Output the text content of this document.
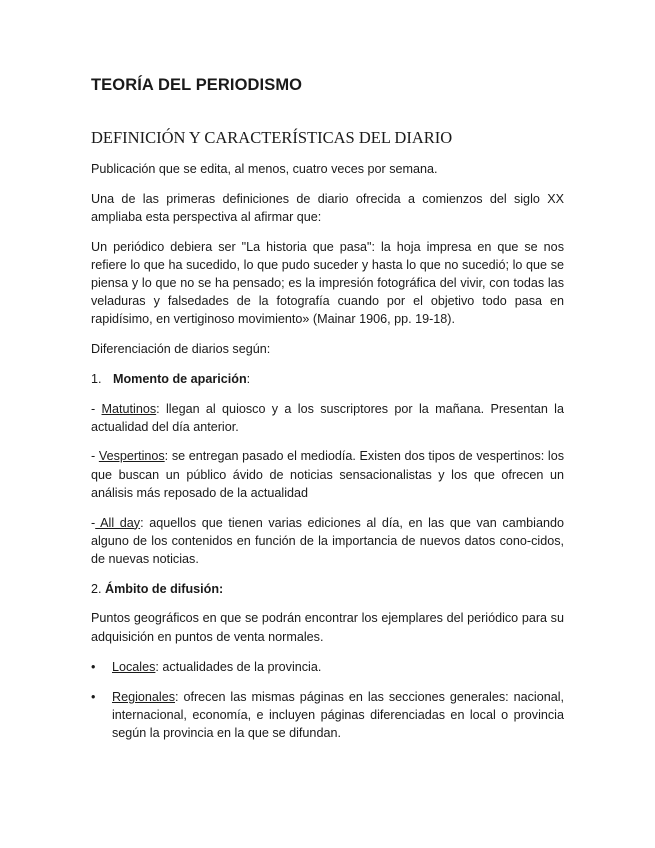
TEORÍA DEL PERIODISMO
DEFINICIÓN Y CARACTERÍSTICAS DEL DIARIO

Publicación que se edita, al menos, cuatro veces por semana.

Una de las primeras definiciones de diario ofrecida a comienzos del siglo XX ampliaba esta perspectiva al afirmar que:

Un periódico debiera ser "La historia que pasa": la hoja impresa en que se nos refiere lo que ha sucedido, lo que pudo suceder y hasta lo que no sucedió; lo que se piensa y lo que no se ha pensado; es la impresión fotográfica del vivir, con todas las veladuras y falsedades de la fotografía cuando por el objetivo todo pasa en rapidísimo, en vertiginoso movimiento» (Mainar 1906, pp. 19-18).

Diferenciación de diarios según:

1. Momento de aparición:

- Matutinos: llegan al quiosco y a los suscriptores por la mañana. Presentan la actualidad del día anterior.

- Vespertinos: se entregan pasado el mediodía. Existen dos tipos de vespertinos: los que buscan un público ávido de noticias sensacionalistas y los que ofrecen un análisis más reposado de la actualidad

- All day: aquellos que tienen varias ediciones al día, en las que van cambiando alguno de los contenidos en función de la importancia de nuevos datos cono-cidos, de nuevas noticias.

2. Ámbito de difusión:

Puntos geográficos en que se podrán encontrar los ejemplares del periódico para su adquisición en puntos de venta normales.

•	Locales: actualidades de la provincia.
•	Regionales: ofrecen las mismas páginas en las secciones generales: nacional, internacional, economía, e incluyen páginas diferenciadas en local o provincia según la provincia en la que se difundan.
